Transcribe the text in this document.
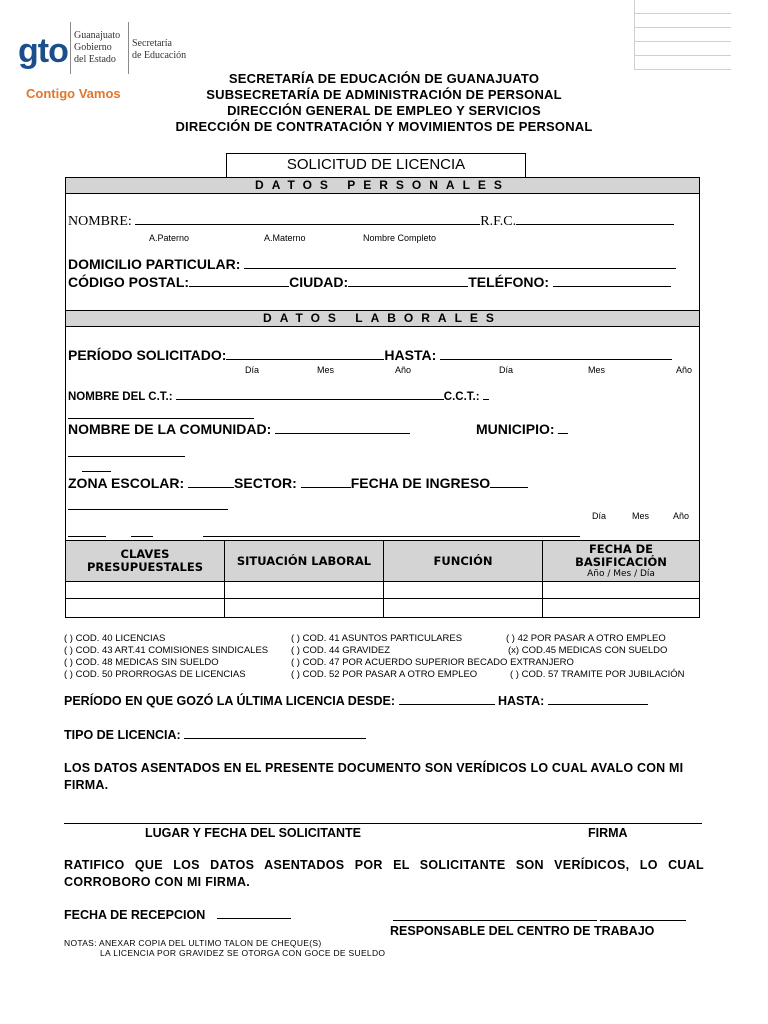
gto Guanajuato
Gobierno
del Estado
Secretaría
de Educación
Contigo Vamos
SECRETARÍA DE EDUCACIÓN DE GUANAJUATO
SUBSECRETARÍA DE ADMINISTRACIÓN DE PERSONAL
DIRECCIÓN GENERAL DE EMPLEO Y SERVICIOS
DIRECCIÓN DE CONTRATACIÓN Y MOVIMIENTOS DE PERSONAL
SOLICITUD DE LICENCIA
DATOS PERSONALES
NOMBRE:	R.F.C.
A.Paterno	A.Materno	Nombre Completo
DOMICILIO PARTICULAR:
CÓDIGO POSTAL:	CIUDAD:	TELÉFONO:
DATOS LABORALES
PERÍODO SOLICITADO:	HASTA:
Día	Mes	Año	Día	Mes	Año
NOMBRE DEL C.T.:	C.C.T.:
NOMBRE DE LA COMUNIDAD:	MUNICIPIO:
ZONA ESCOLAR:	SECTOR:	FECHA DE INGRESO
Día	Mes	Año
CLAVES PRESUPUESTALES	SITUACIÓN LABORAL	FUNCIÓN	FECHA DE BASIFICACIÓN
Año / Mes / Día

( ) COD. 40 LICENCIAS	( ) COD. 41 ASUNTOS PARTICULARES	( ) 42 POR PASAR A OTRO EMPLEO
( ) COD. 43 ART.41 COMISIONES SINDICALES ( ) COD. 44 GRAVIDEZ	(x) COD.45 MEDICAS CON SUELDO
( ) COD. 48 MEDICAS SIN SUELDO	( ) COD. 47 POR ACUERDO SUPERIOR BECADO EXTRANJERO
( ) COD. 50 PRORROGAS DE LICENCIAS	( ) COD. 52 POR PASAR A OTRO EMPLEO	( ) COD. 57 TRAMITE POR JUBILACIÓN
PERÍODO EN QUE GOZÓ LA ÚLTIMA LICENCIA DESDE:	HASTA:
TIPO DE LICENCIA:
LOS DATOS ASENTADOS EN EL PRESENTE DOCUMENTO SON VERÍDICOS LO CUAL AVALO CON MI FIRMA.
LUGAR Y FECHA DEL SOLICITANTE	FIRMA
RATIFICO QUE LOS DATOS ASENTADOS POR EL SOLICITANTE SON VERÍDICOS, LO CUAL CORROBORO CON MI FIRMA.
FECHA DE RECEPCION
RESPONSABLE DEL CENTRO DE TRABAJO
NOTAS: ANEXAR COPIA DEL ULTIMO TALON DE CHEQUE(S)
LA LICENCIA POR GRAVIDEZ SE OTORGA CON GOCE DE SUELDO
